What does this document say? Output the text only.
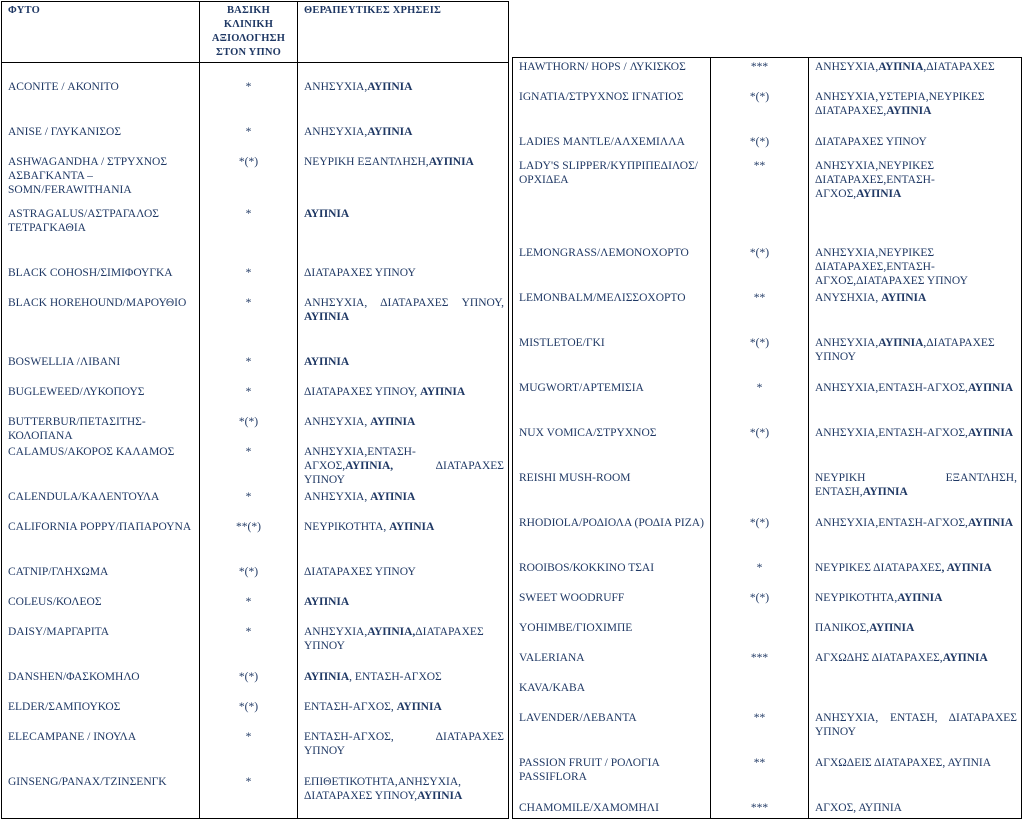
ΦΥΤΟ	ΒΑΣΙΚΗ ΚΛΙΝΙΚΗ ΑΞΙΟΛΟΓΗΣΗ ΣΤΟΝ ΥΠΝΟ	ΘΕΡΑΠΕΥΤΙΚΕΣ ΧΡΗΣΕΙΣ
ACONITE / ΑΚΟΝΙΤΟ	*	ΑΝΗΣΥΧΙΑ,ΑΥΠΝΙΑ
ANISE / ΓΛΥΚΑΝΙΣΟΣ	*	ΑΝΗΣΥΧΙΑ,ΑΥΠΝΙΑ
ASHWAGANDHA / ΣΤΡΥΧΝΟΣ ΑΣΒΑΓΚΑΝΤΑ – SOMN/FERAWITHANIA	*(*)	ΝΕΥΡΙΚΗ ΕΞΑΝΤΛΗΣΗ,ΑΥΠΝΙΑ
ASTRAGALUS/ΑΣΤΡΑΓΑΛΟΣ ΤΕΤΡΑΓΚΑΘΙΑ	*	ΑΥΠΝΙΑ
BLACK COHOSH/ΣΙΜΙΦΟΥΓΚΑ	*	ΔΙΑΤΑΡΑΧΕΣ ΥΠΝΟΥ
BLACK HOREHOUND/ΜΑΡΟΥΘΙΟ	*	ΑΝΗΣΥΧΙΑ, ΔΙΑΤΑΡΑΧΕΣ ΥΠΝΟΥ, ΑΥΠΝΙΑ
BOSWELLIA /ΛΙΒΑΝΙ	*	ΑΥΠΝΙΑ
BUGLEWEED/ΛΥΚΟΠΟΥΣ	*	ΔΙΑΤΑΡΑΧΕΣ ΥΠΝΟΥ, ΑΥΠΝΙΑ
BUTTERBUR/ΠΕΤΑΣΙΤΗΣ-ΚΟΛΟΠΑΝΑ	*(*)	ΑΝΗΣΥΧΙΑ, ΑΥΠΝΙΑ
CALAMUS/ΑΚΟΡΟΣ ΚΑΛΑΜΟΣ	*	ΑΝΗΣΥΧΙΑ,ΕΝΤΑΣΗ-ΑΓΧΟΣ,ΑΥΠΝΙΑ, ΔΙΑΤΑΡΑΧΕΣ ΥΠΝΟΥ
CALENDULA/ΚΑΛΕΝΤΟΥΛΑ	*	ΑΝΗΣΥΧΙΑ, ΑΥΠΝΙΑ
CALIFORNIA POPPY/ΠΑΠΑΡΟΥΝΑ	**(*)	ΝΕΥΡΙΚΟΤΗΤΑ, ΑΥΠΝΙΑ
CATNIP/ΓΛΗΧΩΜΑ	*(*)	ΔΙΑΤΑΡΑΧΕΣ ΥΠΝΟΥ
COLEUS/ΚΟΛΕΟΣ	*	ΑΥΠΝΙΑ
DAISY/ΜΑΡΓΑΡΙΤΑ	*	ΑΝΗΣΥΧΙΑ,ΑΥΠΝΙΑ,ΔΙΑΤΑΡΑΧΕΣ ΥΠΝΟΥ
DANSHEN/ΦΑΣΚΟΜΗΛΟ	*(*)	ΑΥΠΝΙΑ, ΕΝΤΑΣΗ-ΑΓΧΟΣ
ELDER/ΣΑΜΠΟΥΚΟΣ	*(*)	ΕΝΤΑΣΗ-ΑΓΧΟΣ, ΑΥΠΝΙΑ
ELECAMPANE / ΙΝΟΥΛΑ	*	ΕΝΤΑΣΗ-ΑΓΧΟΣ, ΔΙΑΤΑΡΑΧΕΣ ΥΠΝΟΥ
GINSENG/PANAX/ΤΖΙΝΣΕΝΓΚ	*	ΕΠΙΘΕΤΙΚΟΤΗΤΑ,ΑΝΗΣΥΧΙΑ, ΔΙΑΤΑΡΑΧΕΣ ΥΠΝΟΥ,ΑΥΠΝΙΑ
HAWTHORN/ HOPS / ΛΥΚΙΣΚΟΣ	***	ΑΝΗΣΥΧΙΑ,ΑΥΠΝΙΑ,ΔΙΑΤΑΡΑΧΕΣ
IGNATIA/ΣΤΡΥΧΝΟΣ ΙΓΝΑΤΙΟΣ	*(*)	ΑΝΗΣΥΧΙΑ,ΥΣΤΕΡΙΑ,ΝΕΥΡΙΚΕΣ ΔΙΑΤΑΡΑΧΕΣ,ΑΥΠΝΙΑ
LADIES MANTLE/ΑΛΧΕΜΙΛΛΑ	*(*)	ΔΙΑΤΑΡΑΧΕΣ ΥΠΝΟΥ
LADY'S SLIPPER/ΚΥΠΡΙΠΕΔΙΛΟΣ/ ΟΡΧΙΔΕΑ	**	ΑΝΗΣΥΧΙΑ,ΝΕΥΡΙΚΕΣ ΔΙΑΤΑΡΑΧΕΣ,ΕΝΤΑΣΗ-ΑΓΧΟΣ,ΑΥΠΝΙΑ
LEMONGRASS/ΛΕΜΟΝΟΧΟΡΤΟ	*(*)	ΑΝΗΣΥΧΙΑ,ΝΕΥΡΙΚΕΣ ΔΙΑΤΑΡΑΧΕΣ,ΕΝΤΑΣΗ-ΑΓΧΟΣ,ΔΙΑΤΑΡΑΧΕΣ ΥΠΝΟΥ
LEMONBALM/ΜΕΛΙΣΣΟΧΟΡΤΟ	**	ΑΝΥΣΗΧΙΑ, ΑΥΠΝΙΑ
MISTLETOE/ΓΚΙ	*(*)	ΑΝΗΣΥΧΙΑ,ΑΥΠΝΙΑ,ΔΙΑΤΑΡΑΧΕΣ ΥΠΝΟΥ
MUGWORT/ΑΡΤΕΜΙΣΙΑ	*	ΑΝΗΣΥΧΙΑ,ΕΝΤΑΣΗ-ΑΓΧΟΣ,ΑΥΠΝΙΑ
NUX VOMICA/ΣΤΡΥΧΝΟΣ	*(*)	ΑΝΗΣΥΧΙΑ,ΕΝΤΑΣΗ-ΑΓΧΟΣ,ΑΥΠΝΙΑ
REISHI MUSH-ROOM		ΝΕΥΡΙΚΗ ΕΞΑΝΤΛΗΣΗ, ΕΝΤΑΣΗ,ΑΥΠΝΙΑ
RHODIOLA/ΡΟΔΙΟΛΑ (ΡΟΔΙΑ ΡΙΖΑ)	*(*)	ΑΝΗΣΥΧΙΑ,ΕΝΤΑΣΗ-ΑΓΧΟΣ,ΑΥΠΝΙΑ
ROOIBOS/ΚΟΚΚΙΝΟ ΤΣΑΙ	*	ΝΕΥΡΙΚΕΣ ΔΙΑΤΑΡΑΧΕΣ, ΑΥΠΝΙΑ
SWEET WOODRUFF	*(*)	ΝΕΥΡΙΚΟΤΗΤΑ,ΑΥΠΝΙΑ
YOHIMBE/ΓΙΟΧΙΜΠΕ		ΠΑΝΙΚΟΣ,ΑΥΠΝΙΑ
VALERIANA	***	ΑΓΧΩΔΗΣ ΔΙΑΤΑΡΑΧΕΣ,ΑΥΠΝΙΑ
KAVA/KABA		
LAVENDER/ΛΕΒΑΝΤΑ	**	ΑΝΗΣΥΧΙΑ, ΕΝΤΑΣΗ, ΔΙΑΤΑΡΑΧΕΣ ΥΠΝΟΥ
PASSION FRUIT / ΡΟΛΟΓΙΑ PASSIFLORA	**	ΑΓΧΩΔΕΙΣ ΔΙΑΤΑΡΑΧΕΣ, ΑΥΠΝΙΑ
CHAMOMILE/ΧΑΜΟΜΗΛΙ	***	ΑΓΧΟΣ, ΑΥΠΝΙΑ
